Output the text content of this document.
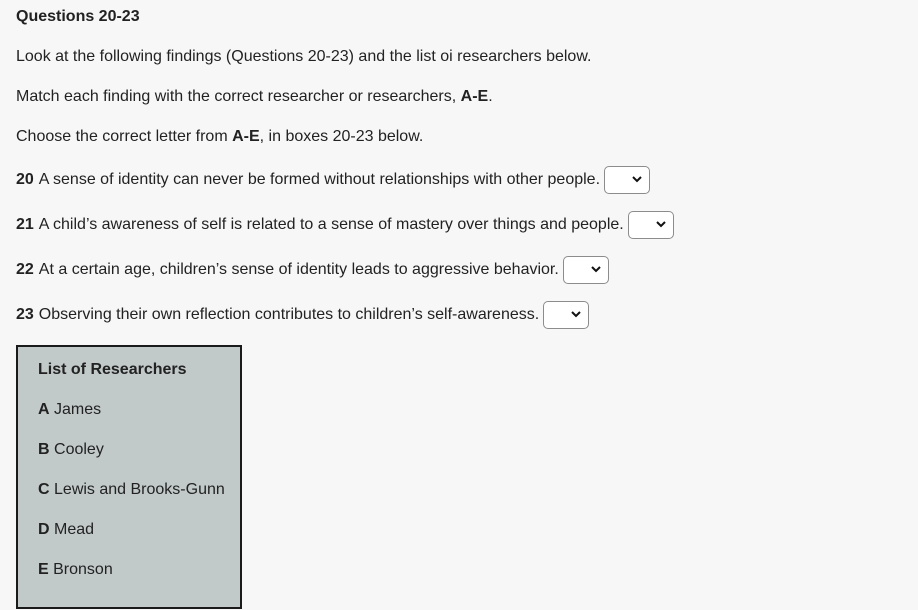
Questions 20-23
Look at the following findings (Questions 20-23) and the list oi researchers below.
Match each finding with the correct researcher or researchers, A-E.
Choose the correct letter from A-E, in boxes 20-23 below.
20 A sense of identity can never be formed without relationships with other people.
21 A child’s awareness of self is related to a sense of mastery over things and people.
22 At a certain age, children’s sense of identity leads to aggressive behavior.
23 Observing their own reflection contributes to children’s self-awareness.
List of Researchers
A James
B Cooley
C Lewis and Brooks-Gunn
D Mead
E Bronson
